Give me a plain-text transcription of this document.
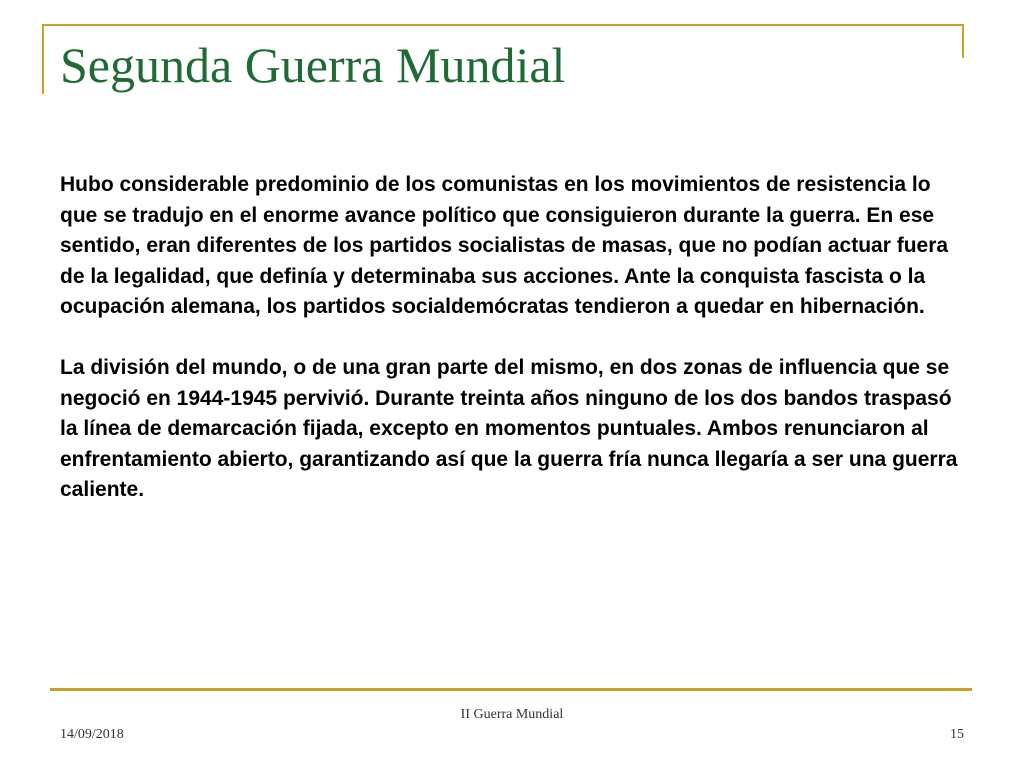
Segunda Guerra Mundial

Hubo considerable predominio de los comunistas en los movimientos de resistencia lo que se tradujo en el enorme avance político que consiguieron durante la guerra. En ese sentido, eran diferentes de los partidos socialistas de masas, que no podían actuar fuera de la legalidad, que definía y determinaba sus acciones. Ante la conquista fascista o la ocupación alemana, los partidos socialdemócratas tendieron a quedar en hibernación.

La división del mundo, o de una gran parte del mismo, en dos zonas de influencia que se negoció en 1944-1945 pervivió. Durante treinta años ninguno de los dos bandos traspasó la línea de demarcación fijada, excepto en momentos puntuales. Ambos renunciaron al enfrentamiento abierto, garantizando así que la guerra fría nunca llegaría a ser una guerra caliente.

II Guerra Mundial
14/09/2018	15
